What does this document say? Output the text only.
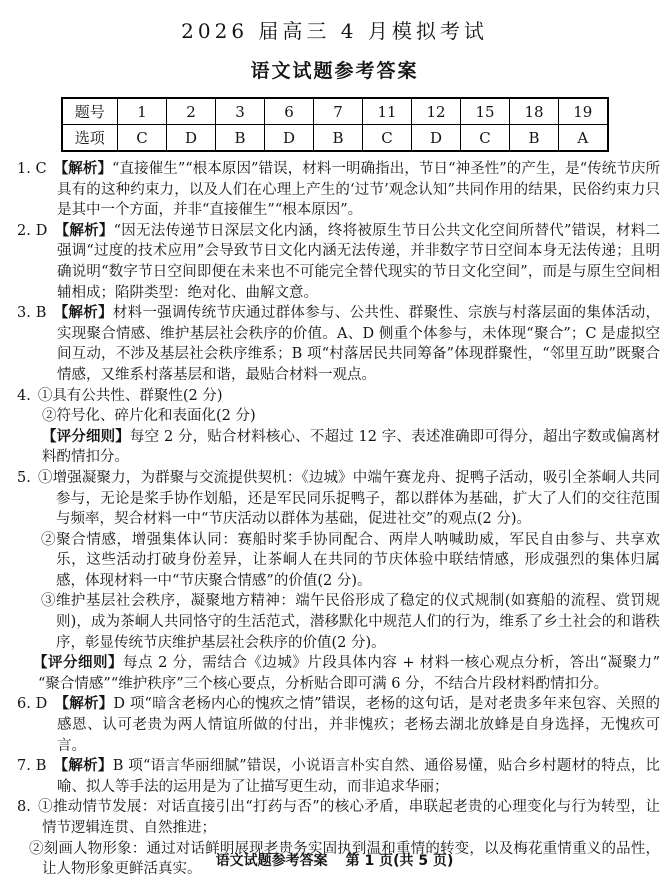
2026 届高三 4 月模拟考试
语文试题参考答案
题号	1	2	3	6	7	11	12	15	18	19
选项	C	D	B	D	B	C	D	C	B	A

1. C 【解析】“直接催生”“根本原因”错误，材料一明确指出，节日“神圣性”的产生，是“传统节庆所具有的这种约束力，以及人们在心理上产生的‘过节’观念认知”共同作用的结果，民俗约束力只是其中一个方面，并非“直接催生”“根本原因”。

2. D 【解析】“因无法传递节日深层文化内涵，终将被原生节日公共文化空间所替代”错误，材料二强调“过度的技术应用”会导致节日文化内涵无法传递，并非数字节日空间本身无法传递；且明确说明“数字节日空间即便在未来也不可能完全替代现实的节日文化空间”，而是与原生空间相辅相成；陷阱类型：绝对化、曲解文意。

3. B 【解析】材料一强调传统节庆通过群体参与、公共性、群聚性、宗族与村落层面的集体活动，实现聚合情感、维护基层社会秩序的价值。A、D 侧重个体参与，未体现“聚合”；C 是虚拟空间互动，不涉及基层社会秩序维系；B 项“村落居民共同筹备”体现群聚性，“邻里互助”既聚合情感，又维系村落基层和谐，最贴合材料一观点。

4. ①具有公共性、群聚性(2 分)

②符号化、碎片化和表面化(2 分)

【评分细则】每空 2 分，贴合材料核心、不超过 12 字、表述准确即可得分，超出字数或偏离材料酌情扣分。

5. ①增强凝聚力，为群聚与交流提供契机：《边城》中端午赛龙舟、捉鸭子活动，吸引全茶峒人共同参与，无论是桨手协作划船，还是军民同乐捉鸭子，都以群体为基础，扩大了人们的交往范围与频率，契合材料一中“节庆活动以群体为基础，促进社交”的观点(2 分)。

②聚合情感，增强集体认同：赛船时桨手协同配合、两岸人呐喊助威，军民自由参与、共享欢乐，这些活动打破身份差异，让茶峒人在共同的节庆体验中联结情感，形成强烈的集体归属感，体现材料一中“节庆聚合情感”的价值(2 分)。

③维护基层社会秩序，凝聚地方精神：端午民俗形成了稳定的仪式规制(如赛船的流程、赏罚规则)，成为茶峒人共同恪守的生活范式，潜移默化中规范人们的行为，维系了乡土社会的和谐秩序，彰显传统节庆维护基层社会秩序的价值(2 分)。

【评分细则】每点 2 分，需结合《边城》片段具体内容 + 材料一核心观点分析，答出“凝聚力”“聚合情感”“维护秩序”三个核心要点，分析贴合即可满 6 分，不结合片段材料酌情扣分。

6. D 【解析】D 项“暗含老杨内心的愧疚之情”错误，老杨的这句话，是对老贵多年来包容、关照的感恩、认可老贵为两人情谊所做的付出，并非愧疚；老杨去湖北放蜂是自身选择，无愧疚可言。

7. B 【解析】B 项“语言华丽细腻”错误，小说语言朴实自然、通俗易懂，贴合乡村题材的特点，比喻、拟人等手法的运用是为了让描写更生动，而非追求华丽；

8. ①推动情节发展：对话直接引出“打药与否”的核心矛盾，串联起老贵的心理变化与行为转型，让情节逻辑连贯、自然推进；

②刻画人物形象：通过对话鲜明展现老贵务实固执到温和重情的转变，以及梅花重情重义的品性，让人物形象更鲜活真实。

语文试题参考答案 第 1 页(共 5 页)
